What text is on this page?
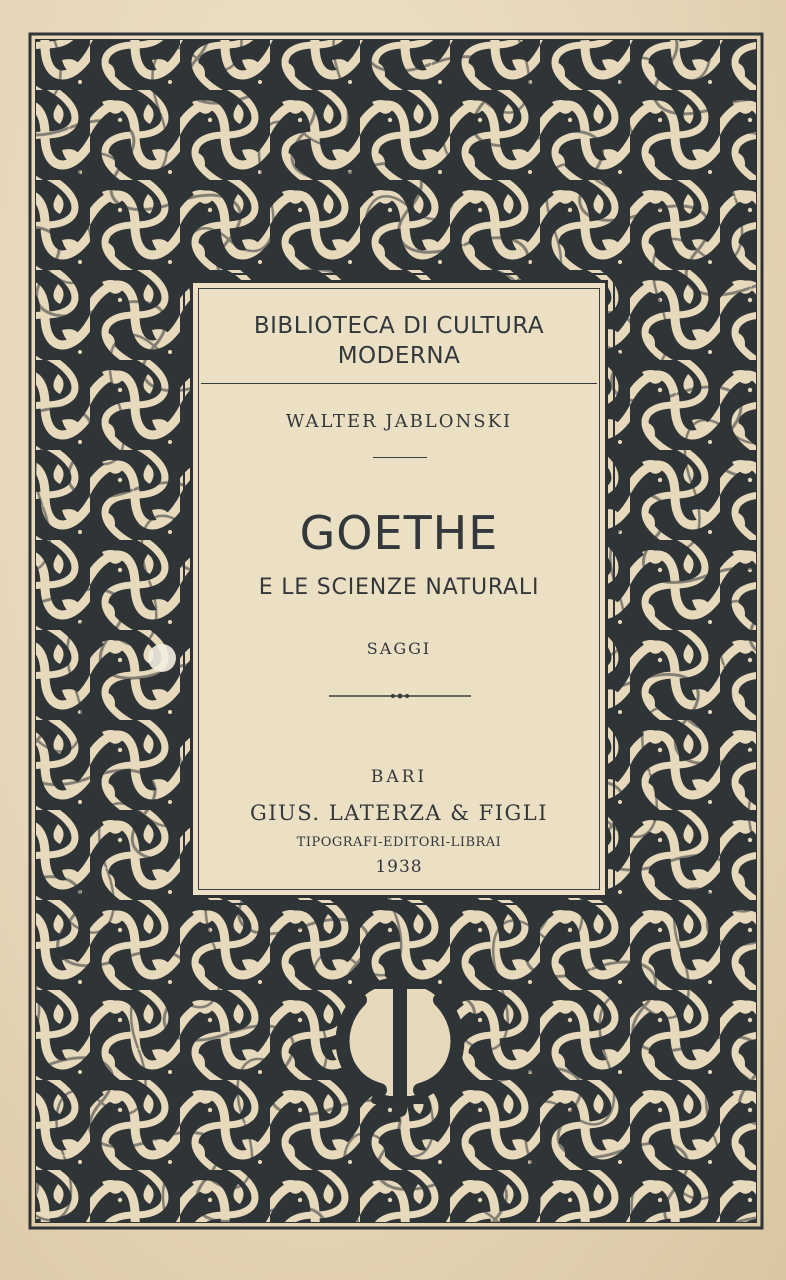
BIBLIOTECA DI CULTURA
MODERNA
WALTER JABLONSKI
GOETHE
E LE SCIENZE NATURALI
SAGGI
BARI
GIUS. LATERZA & FIGLI
TIPOGRAFI-EDITORI-LIBRAI
1938
